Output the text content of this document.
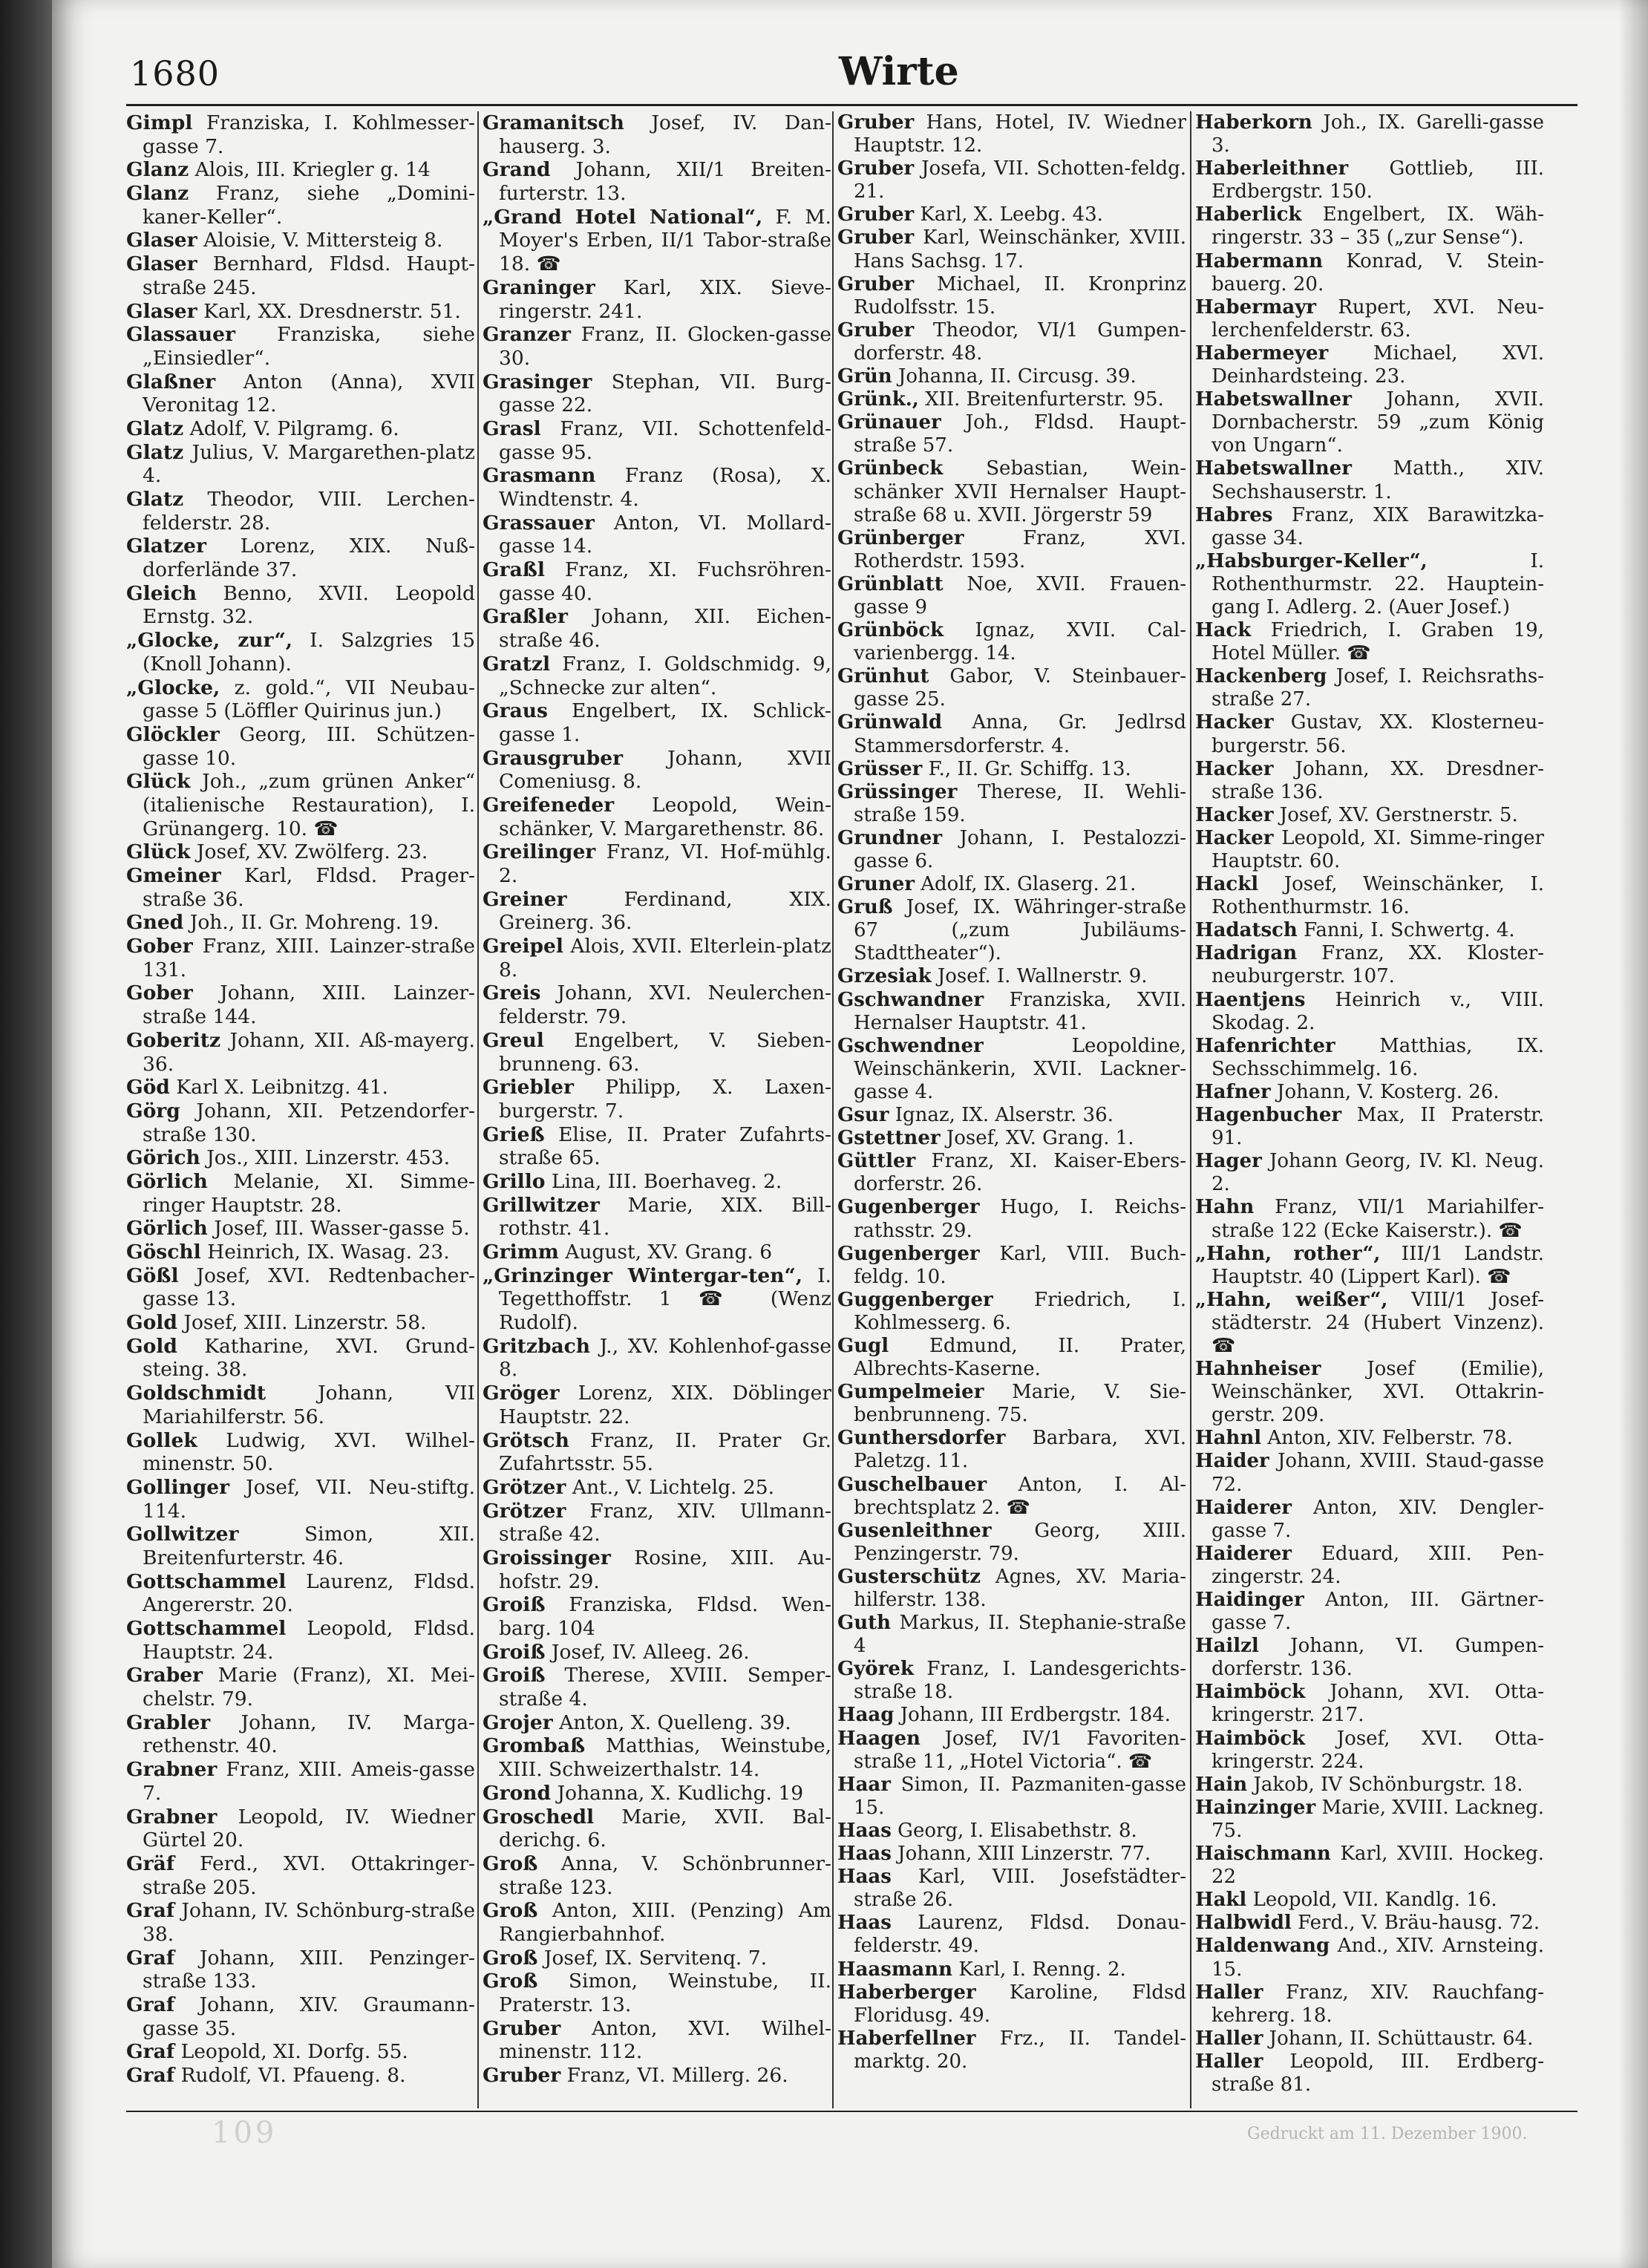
1680	Wirte

Gimpl Franziska, I. Kohlmesser-gasse 7.

Glanz Alois, III. Kriegler g. 14

Glanz Franz, siehe „Domini-kaner-Keller“.

Glaser Aloisie, V. Mittersteig 8.

Glaser Bernhard, Fldsd. Haupt-straße 245.

Glaser Karl, XX. Dresdnerstr. 51.

Glassauer Franziska, siehe „Einsiedler“.

Glaßner Anton (Anna), XVII Veronitag 12.

Glatz Adolf, V. Pilgramg. 6.

Glatz Julius, V. Margarethen-platz 4.

Glatz Theodor, VIII. Lerchen-felderstr. 28.

Glatzer Lorenz, XIX. Nuß-dorferlände 37.

Gleich Benno, XVII. Leopold Ernstg. 32.

„Glocke, zur“, I. Salzgries 15 (Knoll Johann).

„Glocke, z. gold.“, VII Neubau-gasse 5 (Löffler Quirinus jun.)

Glöckler Georg, III. Schützen-gasse 10.

Glück Joh., „zum grünen Anker“ (italienische Restauration), I. Grünangerg. 10. ☎

Glück Josef, XV. Zwölferg. 23.

Gmeiner Karl, Fldsd. Prager-straße 36.

Gned Joh., II. Gr. Mohreng. 19.

Gober Franz, XIII. Lainzer-straße 131.

Gober Johann, XIII. Lainzer-straße 144.

Goberitz Johann, XII. Aß-mayerg. 36.

Göd Karl X. Leibnitzg. 41.

Görg Johann, XII. Petzendorfer-straße 130.

Görich Jos., XIII. Linzerstr. 453.

Görlich Melanie, XI. Simme-ringer Hauptstr. 28.

Görlich Josef, III. Wasser-gasse 5.

Göschl Heinrich, IX. Wasag. 23.

Gößl Josef, XVI. Redtenbacher-gasse 13.

Gold Josef, XIII. Linzerstr. 58.

Gold Katharine, XVI. Grund-steing. 38.

Goldschmidt	Johann, VII Mariahilferstr. 56.

Gollek Ludwig, XVI. Wilhel-minenstr. 50.

Gollinger Josef, VII. Neu-stiftg. 114.

Gollwitzer	Simon, XII. Breitenfurterstr. 46.

Gottschammel Laurenz, Fldsd. Angererstr. 20.

Gottschammel Leopold, Fldsd. Hauptstr. 24.

Graber Marie (Franz), XI. Mei-chelstr. 79.

Grabler Johann, IV. Marga-rethenstr. 40.

Grabner Franz, XIII. Ameis-gasse 7.

Grabner Leopold, IV. Wiedner Gürtel 20.

Gräf Ferd., XVI. Ottakringer-straße 205.

Graf Johann, IV. Schönburg-straße 38.

Graf Johann, XIII. Penzinger-straße 133.

Graf Johann, XIV. Graumann-gasse 35.

Graf Leopold, XI. Dorfg. 55.

Graf Rudolf, VI. Pfaueng. 8.

Gramanitsch Josef, IV. Dan-hauserg. 3.

Grand Johann, XII/1 Breiten-furterstr. 13.

„Grand Hotel National“, F. M. Moyer's Erben, II/1 Tabor-straße 18. ☎

Graninger Karl, XIX. Sieve-ringerstr. 241.

Granzer Franz, II. Glocken-gasse 30.

Grasinger Stephan, VII. Burg-gasse 22.

Grasl Franz, VII. Schottenfeld-gasse 95.

Grasmann Franz (Rosa), X. Windtenstr. 4.

Grassauer Anton, VI. Mollard-gasse 14.

Graßl Franz, XI. Fuchsröhren-gasse 40.

Graßler Johann, XII. Eichen-straße 46.

Gratzl Franz, I. Goldschmidg. 9, „Schnecke zur alten“.

Graus Engelbert, IX. Schlick-gasse 1.

Grausgruber Johann, XVII Comeniusg. 8.

Greifeneder Leopold, Wein-schänker, V. Margarethenstr. 86.

Greilinger Franz, VI. Hof-mühlg. 2.

Greiner	Ferdinand, XIX. Greinerg. 36.

Greipel Alois, XVII. Elterlein-platz 8.

Greis Johann, XVI. Neulerchen-felderstr. 79.

Greul Engelbert, V. Sieben-brunneng. 63.

Griebler Philipp, X. Laxen-burgerstr. 7.

Grieß Elise, II. Prater Zufahrts-straße 65.

Grillo Lina, III. Boerhaveg. 2.

Grillwitzer Marie, XIX. Bill-rothstr. 41.

Grimm August, XV. Grang. 6

„Grinzinger Wintergar-ten“, I. Tegetthoffstr. 1 ☎ (Wenz Rudolf).

Gritzbach J., XV. Kohlenhof-gasse 8.

Gröger Lorenz, XIX. Döblinger Hauptstr. 22.

Grötsch Franz, II. Prater Gr. Zufahrtsstr. 55.

Grötzer Ant., V. Lichtelg. 25.

Grötzer Franz, XIV. Ullmann-straße 42.

Groissinger Rosine, XIII. Au-hofstr. 29.

Groiß Franziska, Fldsd. Wen-barg. 104

Groiß Josef, IV. Alleeg. 26.

Groiß Therese, XVIII. Semper-straße 4.

Grojer Anton, X. Quelleng. 39.

Grombaß Matthias, Weinstube, XIII. Schweizerthalstr. 14.

Grond Johanna, X. Kudlichg. 19

Groschedl Marie, XVII. Bal-derichg. 6.

Groß Anna, V. Schönbrunner-straße 123.

Groß Anton, XIII. (Penzing) Am Rangierbahnhof.

Groß Josef, IX. Servitenq. 7.

Groß Simon, Weinstube, II. Praterstr. 13.

Gruber Anton, XVI. Wilhel-minenstr. 112.

Gruber Franz, VI. Millerg. 26.

Gruber Hans, Hotel, IV. Wiedner Hauptstr. 12.

Gruber Josefa, VII. Schotten-feldg. 21.

Gruber Karl, X. Leebg. 43.

Gruber Karl, Weinschänker, XVIII. Hans Sachsg. 17.

Gruber Michael, II. Kronprinz Rudolfsstr. 15.

Gruber Theodor, VI/1 Gumpen-dorferstr. 48.

Grün Johanna, II. Circusg. 39.

Grünk., XII. Breitenfurterstr. 95.

Grünauer Joh., Fldsd. Haupt-straße 57.

Grünbeck Sebastian, Wein-schänker XVII Hernalser Haupt-straße 68 u. XVII. Jörgerstr 59

Grünberger	Franz, XVI. Rotherdstr. 1593.

Grünblatt Noe, XVII. Frauen-gasse 9

Grünböck Ignaz, XVII. Cal-varienbergg. 14.

Grünhut Gabor, V. Steinbauer-gasse 25.

Grünwald Anna, Gr. Jedlrsd Stammersdorferstr. 4.

Grüsser F., II. Gr. Schiffg. 13.

Grüssinger Therese, II. Wehli-straße 159.

Grundner Johann, I. Pestalozzi-gasse 6.

Gruner Adolf, IX. Glaserg. 21.

Gruß Josef, IX. Währinger-straße 67 („zum Jubiläums-Stadttheater“).

Grzesiak Josef. I. Wallnerstr. 9.

Gschwandner Franziska, XVII. Hernalser Hauptstr. 41.

Gschwendner	Leopoldine, Weinschänkerin, XVII. Lackner-gasse 4.

Gsur Ignaz, IX. Alserstr. 36.

Gstettner Josef, XV. Grang. 1.

Güttler Franz, XI. Kaiser-Ebers-dorferstr. 26.

Gugenberger Hugo, I. Reichs-rathsstr. 29.

Gugenberger Karl, VIII. Buch-feldg. 10.

Guggenberger Friedrich, I. Kohlmesserg. 6.

Gugl Edmund, II. Prater, Albrechts-Kaserne.

Gumpelmeier Marie, V. Sie-benbrunneng. 75.

Gunthersdorfer Barbara, XVI. Paletzg. 11.

Guschelbauer Anton, I. Al-brechtsplatz 2. ☎

Gusenleithner Georg, XIII. Penzingerstr. 79.

Gusterschütz Agnes, XV. Maria-hilferstr. 138.

Guth Markus, II. Stephanie-straße 4

Györek Franz, I. Landesgerichts-straße 18.

Haag Johann, III Erdbergstr. 184.

Haagen Josef, IV/1 Favoriten-straße 11, „Hotel Victoria“. ☎

Haar Simon, II. Pazmaniten-gasse 15.

Haas Georg, I. Elisabethstr. 8.

Haas Johann, XIII Linzerstr. 77.

Haas Karl, VIII. Josefstädter-straße 26.

Haas Laurenz, Fldsd. Donau-felderstr. 49.

Haasmann Karl, I. Renng. 2.

Haberberger Karoline, Fldsd Floridusg. 49.

Haberfellner Frz., II. Tandel-marktg. 20.

Haberkorn Joh., IX. Garelli-gasse 3.

Haberleithner Gottlieb, III. Erdbergstr. 150.

Haberlick Engelbert, IX. Wäh-ringerstr. 33 – 35 („zur Sense“).

Habermann Konrad, V. Stein-bauerg. 20.

Habermayr Rupert, XVI. Neu-lerchenfelderstr. 63.

Habermeyer Michael, XVI. Deinhardsteing. 23.

Habetswallner Johann, XVII. Dornbacherstr. 59 „zum König von Ungarn“.

Habetswallner Matth., XIV. Sechshauserstr. 1.

Habres Franz, XIX Barawitzka-gasse 34.

„Habsburger-Keller“,	I. Rothenthurmstr. 22. Hauptein-gang I. Adlerg. 2. (Auer Josef.)

Hack Friedrich, I. Graben 19, Hotel Müller. ☎

Hackenberg Josef, I. Reichsraths-straße 27.

Hacker Gustav, XX. Klosterneu-burgerstr. 56.

Hacker Johann, XX. Dresdner-straße 136.

Hacker Josef, XV. Gerstnerstr. 5.

Hacker Leopold, XI. Simme-ringer Hauptstr. 60.

Hackl Josef, Weinschänker, I. Rothenthurmstr. 16.

Hadatsch Fanni, I. Schwertg. 4.

Hadrigan Franz, XX. Kloster-neuburgerstr. 107.

Haentjens Heinrich v., VIII. Skodag. 2.

Hafenrichter Matthias, IX. Sechsschimmelg. 16.

Hafner Johann, V. Kosterg. 26.

Hagenbucher Max, II Praterstr. 91.

Hager Johann Georg, IV. Kl. Neug. 2.

Hahn Franz, VII/1 Mariahilfer-straße 122 (Ecke Kaiserstr.). ☎

„Hahn, rother“, III/1 Landstr. Hauptstr. 40 (Lippert Karl). ☎

„Hahn, weißer“, VIII/1 Josef-städterstr. 24 (Hubert Vinzenz). ☎

Hahnheiser Josef (Emilie), Weinschänker, XVI. Ottakrin-gerstr. 209.

Hahnl Anton, XIV. Felberstr. 78.

Haider Johann, XVIII. Staud-gasse 72.

Haiderer Anton, XIV. Dengler-gasse 7.

Haiderer Eduard, XIII. Pen-zingerstr. 24.

Haidinger Anton, III. Gärtner-gasse 7.

Hailzl Johann, VI. Gumpen-dorferstr. 136.

Haimböck Johann, XVI. Otta-kringerstr. 217.

Haimböck Josef, XVI. Otta-kringerstr. 224.

Hain Jakob, IV Schönburgstr. 18.

Hainzinger Marie, XVIII. Lackneg. 75.

Haischmann Karl, XVIII. Hockeg. 22

Hakl Leopold, VII. Kandlg. 16.

Halbwidl Ferd., V. Bräu-hausg. 72.

Haldenwang And., XIV. Arnsteing. 15.

Haller Franz, XIV. Rauchfang-kehrerg. 18.

Haller Johann, II. Schüttaustr. 64.

Haller Leopold, III. Erdberg-straße 81.

109	Gedruckt am 11. Dezember 1900.
